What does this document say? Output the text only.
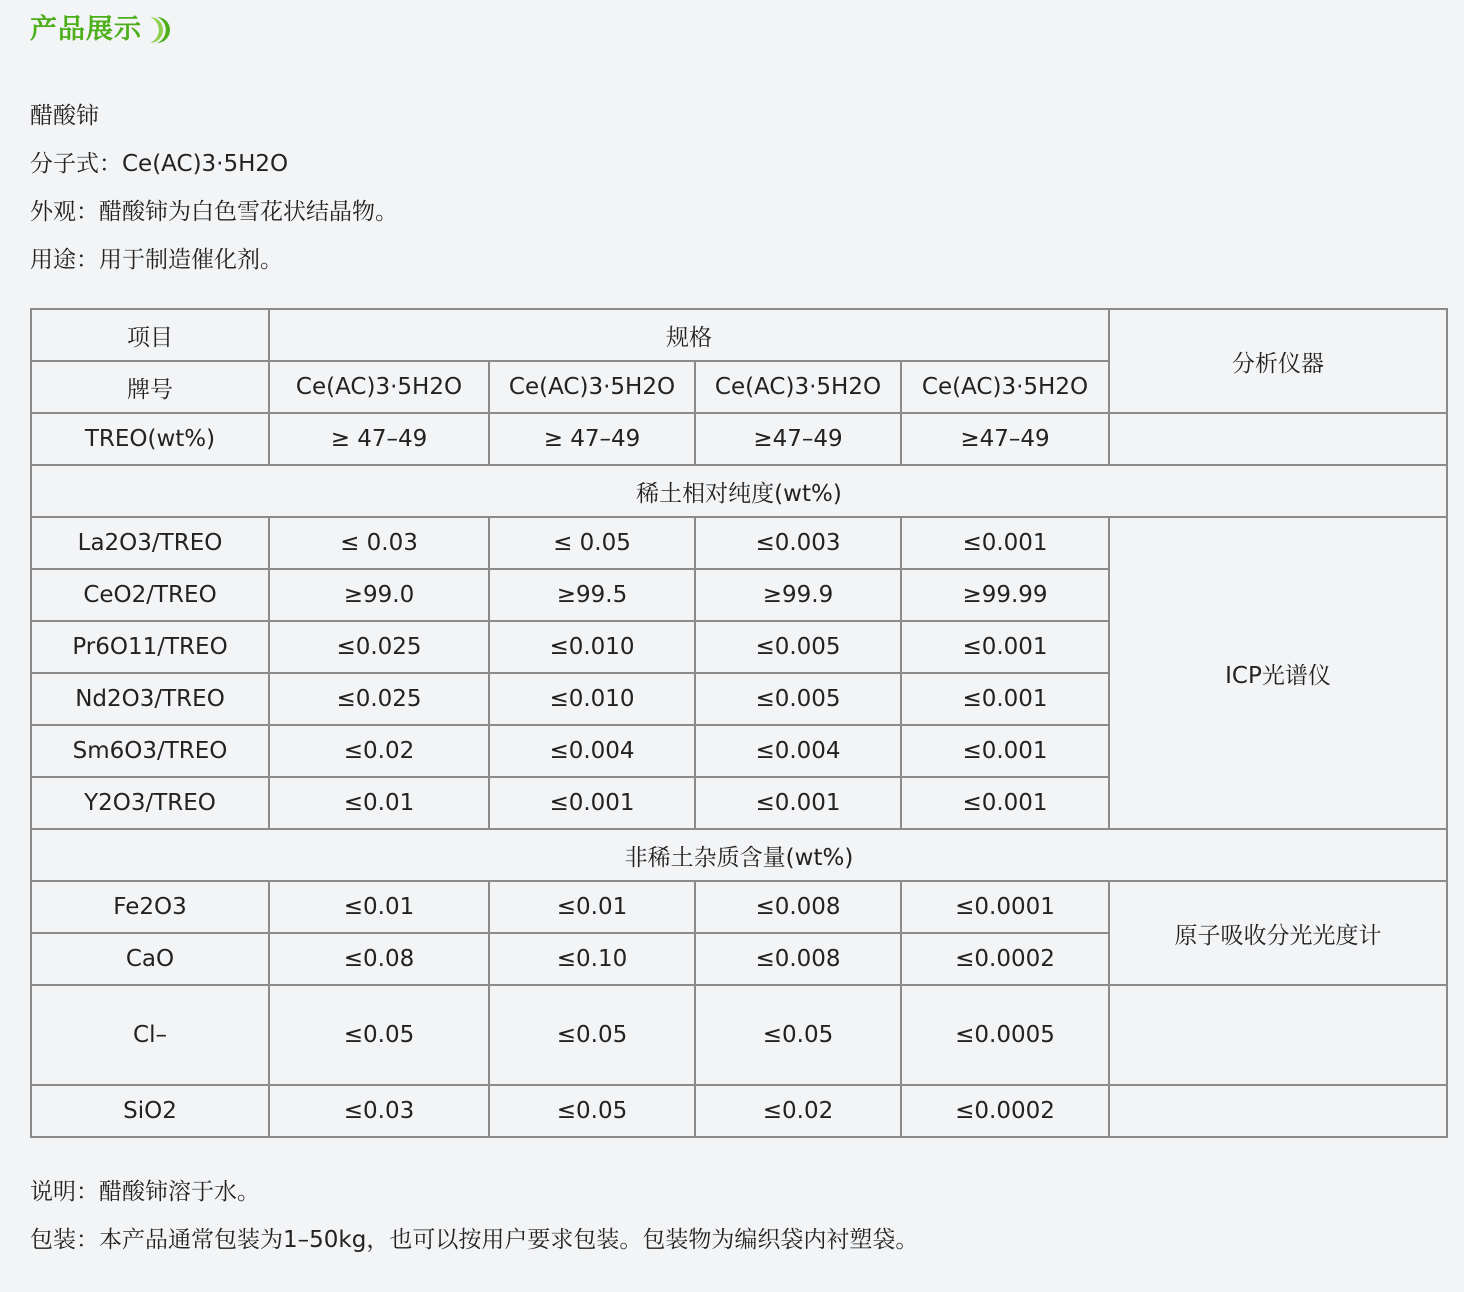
产品展示

醋酸铈

分子式：Ce(AC)3·5H2O

外观：醋酸铈为白色雪花状结晶物。

用途：用于制造催化剂。

项目	规格				分析仪器
牌号	Ce(AC)3·5H2O	Ce(AC)3·5H2O	Ce(AC)3·5H2O	Ce(AC)3·5H2O	
TREO(wt%)	≥ 47–49	≥ 47–49	≥47–49	≥47–49	
稀土相对纯度(wt%)					
La2O3/TREO	≤ 0.03	≤ 0.05	≤0.003	≤0.001	ICP光谱仪
CeO2/TREO	≥99.0	≥99.5	≥99.9	≥99.99	
Pr6O11/TREO	≤0.025	≤0.010	≤0.005	≤0.001	
Nd2O3/TREO	≤0.025	≤0.010	≤0.005	≤0.001	
Sm6O3/TREO	≤0.02	≤0.004	≤0.004	≤0.001	
Y2O3/TREO	≤0.01	≤0.001	≤0.001	≤0.001	
非稀土杂质含量(wt%)					
Fe2O3	≤0.01	≤0.01	≤0.008	≤0.0001	原子吸收分光光度计
CaO	≤0.08	≤0.10	≤0.008	≤0.0002	
Cl–	≤0.05	≤0.05	≤0.05	≤0.0005	
SiO2	≤0.03	≤0.05	≤0.02	≤0.0002	

说明：醋酸铈溶于水。

包装：本产品通常包装为1–50kg，也可以按用户要求包装。包装物为编织袋内衬塑袋。
